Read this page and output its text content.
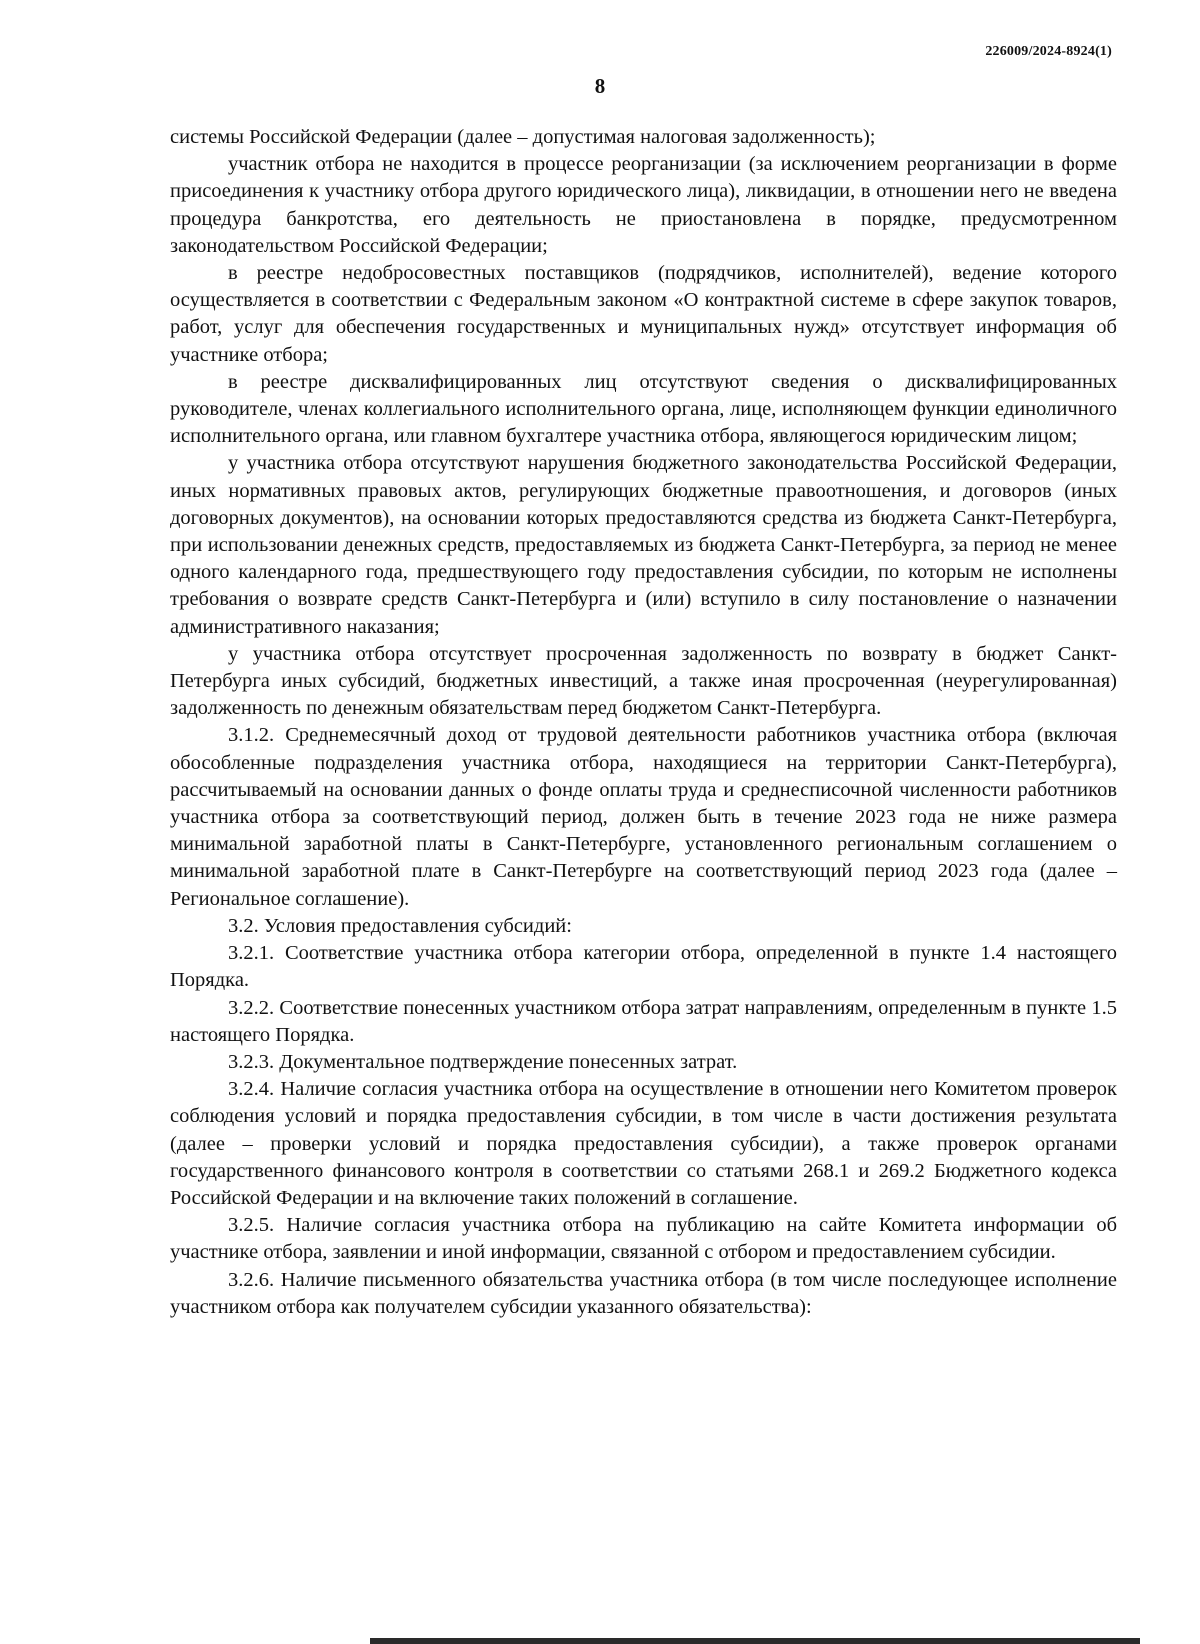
226009/2024-8924(1)
8

системы Российской Федерации (далее – допустимая налоговая задолженность);

участник отбора не находится в процессе реорганизации (за исключением реорганизации в форме присоединения к участнику отбора другого юридического лица), ликвидации, в отношении него не введена процедура банкротства, его деятельность не приостановлена в порядке, предусмотренном законодательством Российской Федерации;

в реестре недобросовестных поставщиков (подрядчиков, исполнителей), ведение которого осуществляется в соответствии с Федеральным законом «О контрактной системе в сфере закупок товаров, работ, услуг для обеспечения государственных и муниципальных нужд» отсутствует информация об участнике отбора;

в реестре дисквалифицированных лиц отсутствуют сведения о дисквалифицированных руководителе, членах коллегиального исполнительного органа, лице, исполняющем функции единоличного исполнительного органа, или главном бухгалтере участника отбора, являющегося юридическим лицом;

у участника отбора отсутствуют нарушения бюджетного законодательства Российской Федерации, иных нормативных правовых актов, регулирующих бюджетные правоотношения, и договоров (иных договорных документов), на основании которых предоставляются средства из бюджета Санкт-Петербурга, при использовании денежных средств, предоставляемых из бюджета Санкт-Петербурга, за период не менее одного календарного года, предшествующего году предоставления субсидии, по которым не исполнены требования о возврате средств Санкт-Петербурга и (или) вступило в силу постановление о назначении административного наказания;

у участника отбора отсутствует просроченная задолженность по возврату в бюджет Санкт-Петербурга иных субсидий, бюджетных инвестиций, а также иная просроченная (неурегулированная) задолженность по денежным обязательствам перед бюджетом Санкт-Петербурга.

3.1.2. Среднемесячный доход от трудовой деятельности работников участника отбора (включая обособленные подразделения участника отбора, находящиеся на территории Санкт-Петербурга), рассчитываемый на основании данных о фонде оплаты труда и среднесписочной численности работников участника отбора за соответствующий период, должен быть в течение 2023 года не ниже размера минимальной заработной платы в Санкт-Петербурге, установленного региональным соглашением о минимальной заработной плате в Санкт-Петербурге на соответствующий период 2023 года (далее – Региональное соглашение).

3.2. Условия предоставления субсидий:

3.2.1. Соответствие участника отбора категории отбора, определенной в пункте 1.4 настоящего Порядка.

3.2.2. Соответствие понесенных участником отбора затрат направлениям, определенным в пункте 1.5 настоящего Порядка.

3.2.3. Документальное подтверждение понесенных затрат.

3.2.4. Наличие согласия участника отбора на осуществление в отношении него Комитетом проверок соблюдения условий и порядка предоставления субсидии, в том числе в части достижения результата (далее – проверки условий и порядка предоставления субсидии), а также проверок органами государственного финансового контроля в соответствии со статьями 268.1 и 269.2 Бюджетного кодекса Российской Федерации и на включение таких положений в соглашение.

3.2.5. Наличие согласия участника отбора на публикацию на сайте Комитета информации об участнике отбора, заявлении и иной информации, связанной с отбором и предоставлением субсидии.

3.2.6. Наличие письменного обязательства участника отбора (в том числе последующее исполнение участником отбора как получателем субсидии указанного обязательства):
